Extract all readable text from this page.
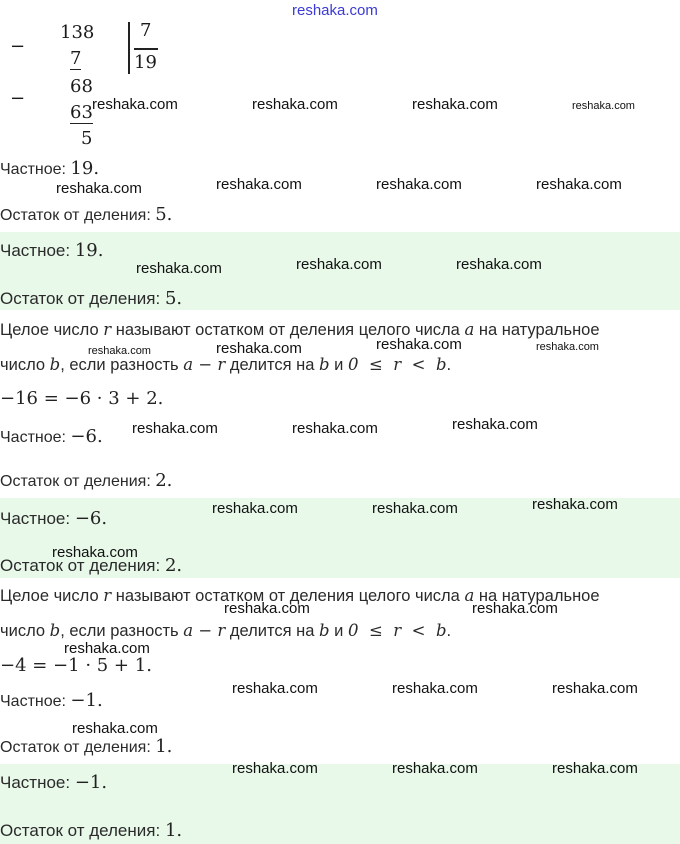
reshaka.com
−
138
7
68
−
63
5
7
19
Частное: 19.
Остаток от деления: 5.
Частное: 19.
Остаток от деления: 5.
Целое число r называют остатком от деления целого числа a на натуральное
число b, если разность a − r делится на b и 0  ≤  r  <  b.
−16 = −6 · 3 + 2.
Частное: −6.
Остаток от деления: 2.
Частное: −6.
Остаток от деления: 2.
Целое число r называют остатком от деления целого числа a на натуральное
число b, если разность a − r делится на b и 0  ≤  r  <  b.
−4 = −1 · 5 + 1.
Частное: −1.
Остаток от деления: 1.
Частное: −1.
Остаток от деления: 1.
reshaka.com	reshaka.com	reshaka.com	reshaka.com
reshaka.com	reshaka.com	reshaka.com	reshaka.com
reshaka.com	reshaka.com	reshaka.com
reshaka.com	reshaka.com	reshaka.com	reshaka.com
reshaka.com	reshaka.com	reshaka.com
reshaka.com	reshaka.com	reshaka.com
reshaka.com
reshaka.com	reshaka.com
reshaka.com
reshaka.com	reshaka.com	reshaka.com
reshaka.com
reshaka.com	reshaka.com	reshaka.com
